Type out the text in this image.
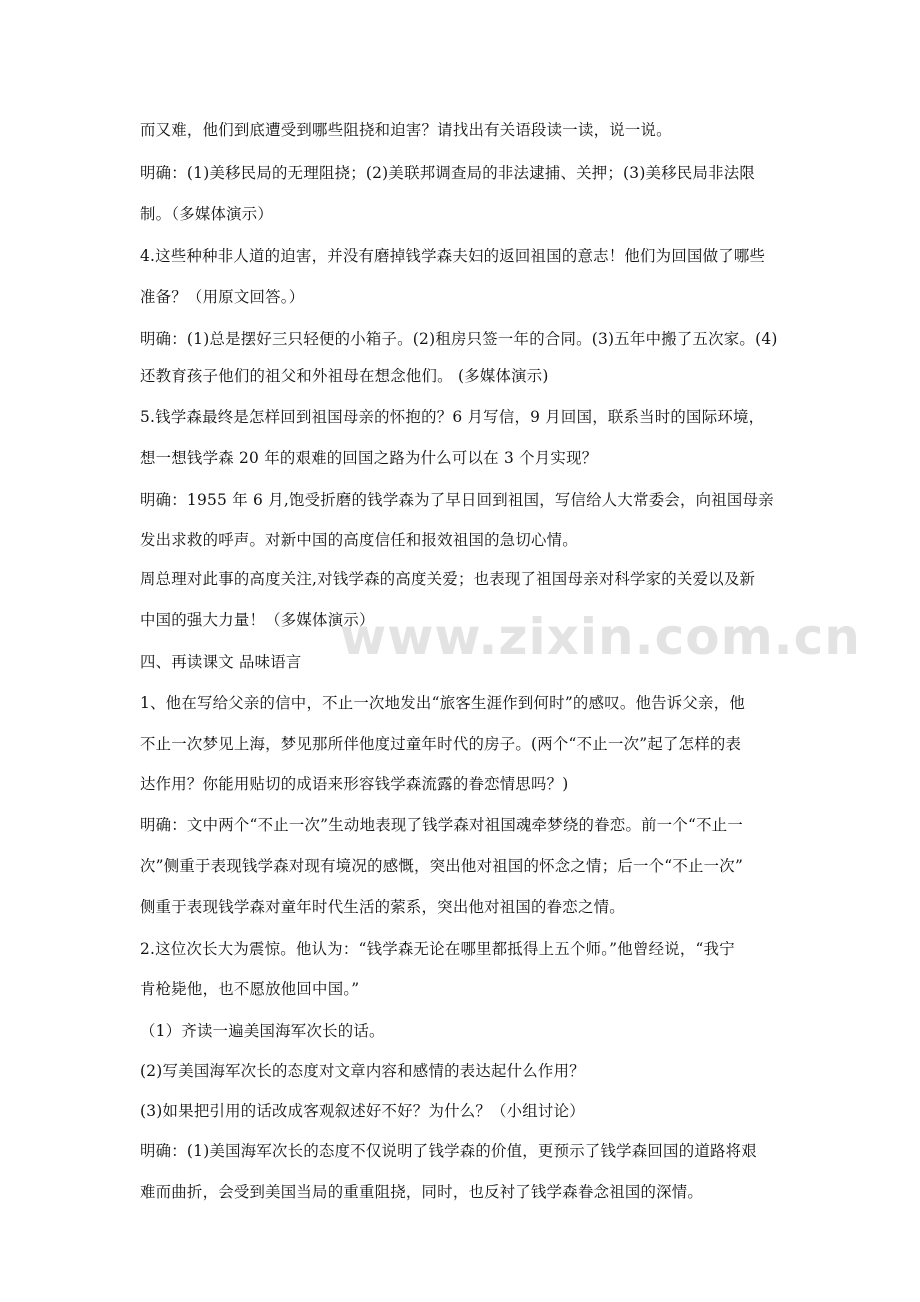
www.zixin.com.cn
而又难，他们到底遭受到哪些阻挠和迫害？请找出有关语段读一读，说一说。
明确：(1)美移民局的无理阻挠；(2)美联邦调查局的非法逮捕、关押；(3)美移民局非法限
制。（多媒体演示）
4.这些种种非人道的迫害，并没有磨掉钱学森夫妇的返回祖国的意志！他们为回国做了哪些
准备？（用原文回答。）
明确：(1)总是摆好三只轻便的小箱子。(2)租房只签一年的合同。(3)五年中搬了五次家。(4)
还教育孩子他们的祖父和外祖母在想念他们。 (多媒体演示)
5.钱学森最终是怎样回到祖国母亲的怀抱的？6 月写信，9 月回国，联系当时的国际环境，
想一想钱学森 20 年的艰难的回国之路为什么可以在 3 个月实现？
明确：1955 年 6 月,饱受折磨的钱学森为了早日回到祖国，写信给人大常委会，向祖国母亲
发出求救的呼声。对新中国的高度信任和报效祖国的急切心情。
周总理对此事的高度关注,对钱学森的高度关爱；也表现了祖国母亲对科学家的关爱以及新
中国的强大力量！（多媒体演示）
四、再读课文 品味语言
1、他在写给父亲的信中，不止一次地发出“旅客生涯作到何时”的感叹。他告诉父亲，他
不止一次梦见上海，梦见那所伴他度过童年时代的房子。(两个“不止一次”起了怎样的表
达作用？你能用贴切的成语来形容钱学森流露的眷恋情思吗？)
明确：文中两个“不止一次”生动地表现了钱学森对祖国魂牵梦绕的眷恋。前一个“不止一
次”侧重于表现钱学森对现有境况的感慨，突出他对祖国的怀念之情；后一个“不止一次”
侧重于表现钱学森对童年时代生活的萦系，突出他对祖国的眷恋之情。
2.这位次长大为震惊。他认为：“钱学森无论在哪里都抵得上五个师。”他曾经说，“我宁
肯枪毙他，也不愿放他回中国。”
（1）齐读一遍美国海军次长的话。
(2)写美国海军次长的态度对文章内容和感情的表达起什么作用？
(3)如果把引用的话改成客观叙述好不好？为什么？（小组讨论）
明确：(1)美国海军次长的态度不仅说明了钱学森的价值，更预示了钱学森回国的道路将艰
难而曲折，会受到美国当局的重重阻挠，同时，也反衬了钱学森眷念祖国的深情。
